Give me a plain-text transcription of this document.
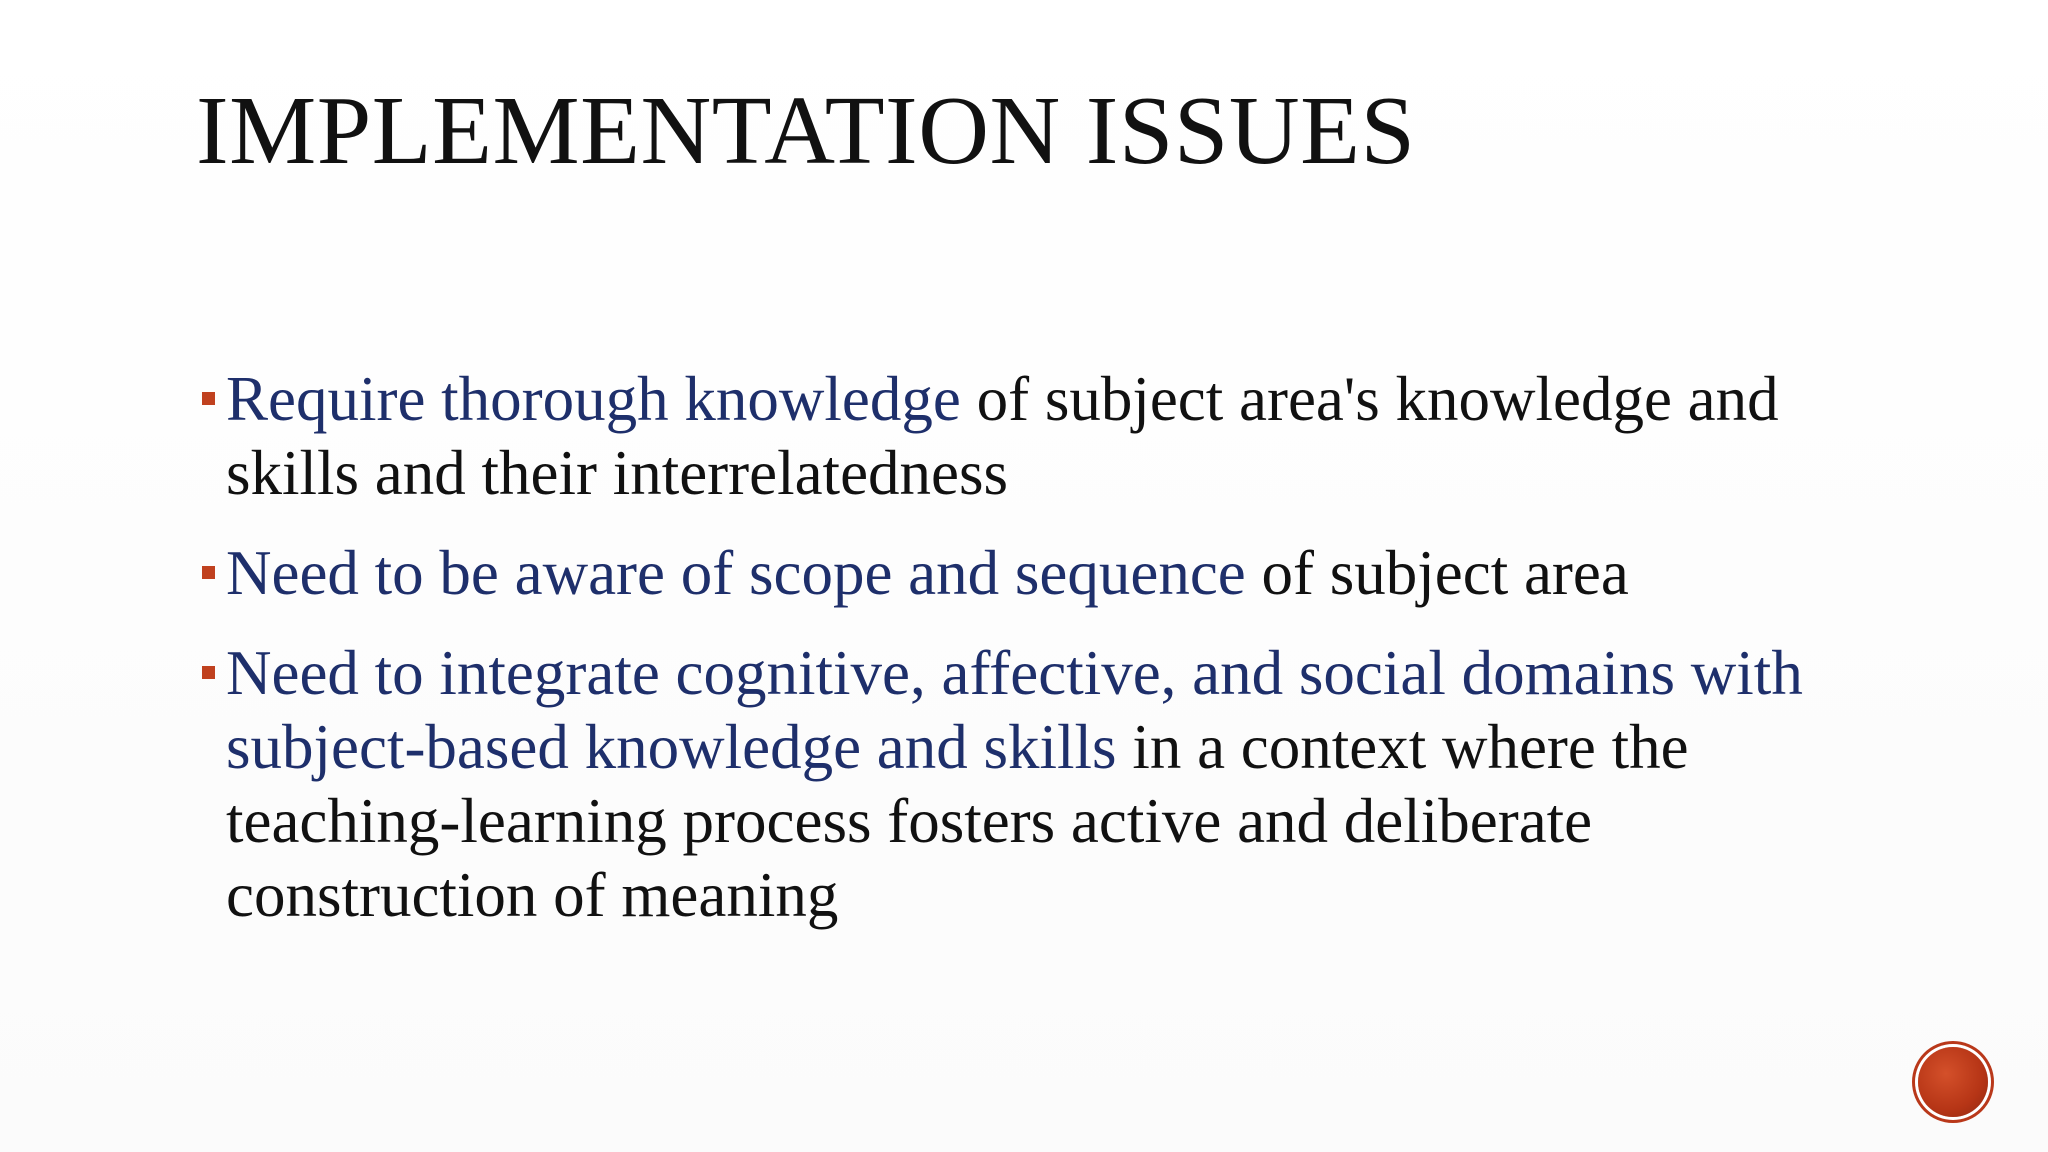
IMPLEMENTATION ISSUES
Require thorough knowledge of subject area's knowledge and skills and their interrelatedness
Need to be aware of scope and sequence of subject area
Need to integrate cognitive, affective, and social domains with subject-based knowledge and skills in a context where the teaching-learning process fosters active and deliberate construction of meaning
